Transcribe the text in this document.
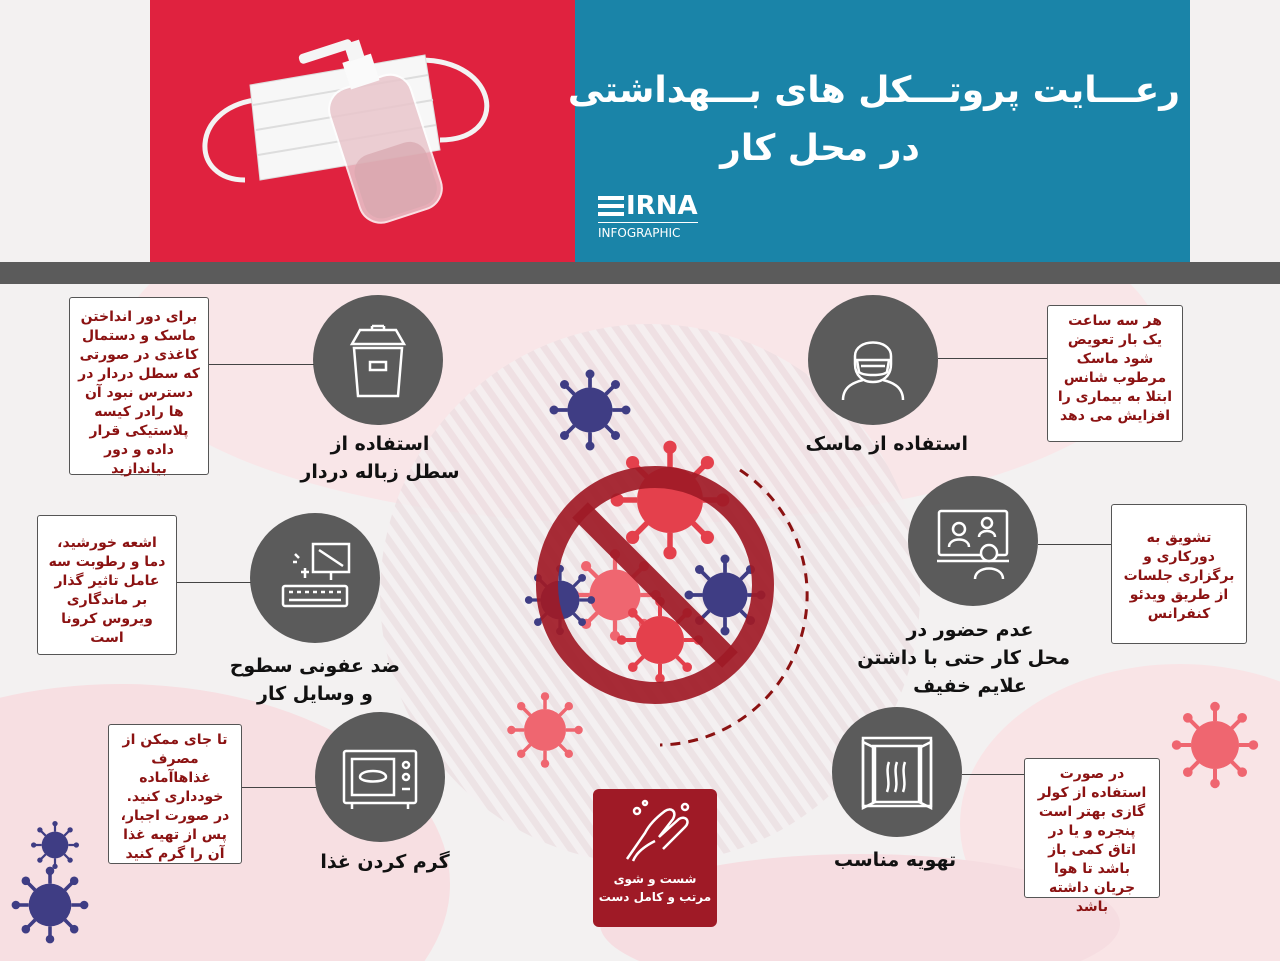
رعـــایت پروتـــکل های بـــهداشتی
در محل کار
IRNA
INFOGRAPHIC
هر سه ساعت یک بار تعویض شود ماسک مرطوب شانس ابتلا به بیماری را افزایش می دهد
استفاده از ماسک
تشویق به دورکاری و برگزاری جلسات از طریق ویدئو کنفرانس
عدم حضور در
محل کار حتی با داشتن
علایم خفیف
در صورت استفاده از کولر گازی بهتر است پنجره و یا در اتاق کمی باز باشد تا هوا جریان داشته باشد
تهویه مناسب
برای دور انداختن ماسک و دستمال کاغذی در صورتی که سطل دردار در دسترس نبود آن ها رادر کیسه پلاستیکی قرار داده و دور بیاندازید
استفاده از
سطل زباله دردار
اشعه خورشید، دما و رطوبت سه عامل تاثیر گذار بر ماندگاری ویروس کرونا است
ضد عفونی سطوح
و وسایل کار
تا جای ممکن از مصرف غذاهاآماده خودداری کنید. در صورت اجبار، پس از تهیه غذا آن را گرم کنید	گرم کردن غذا
شست و شوی
مرتب و کامل دست
